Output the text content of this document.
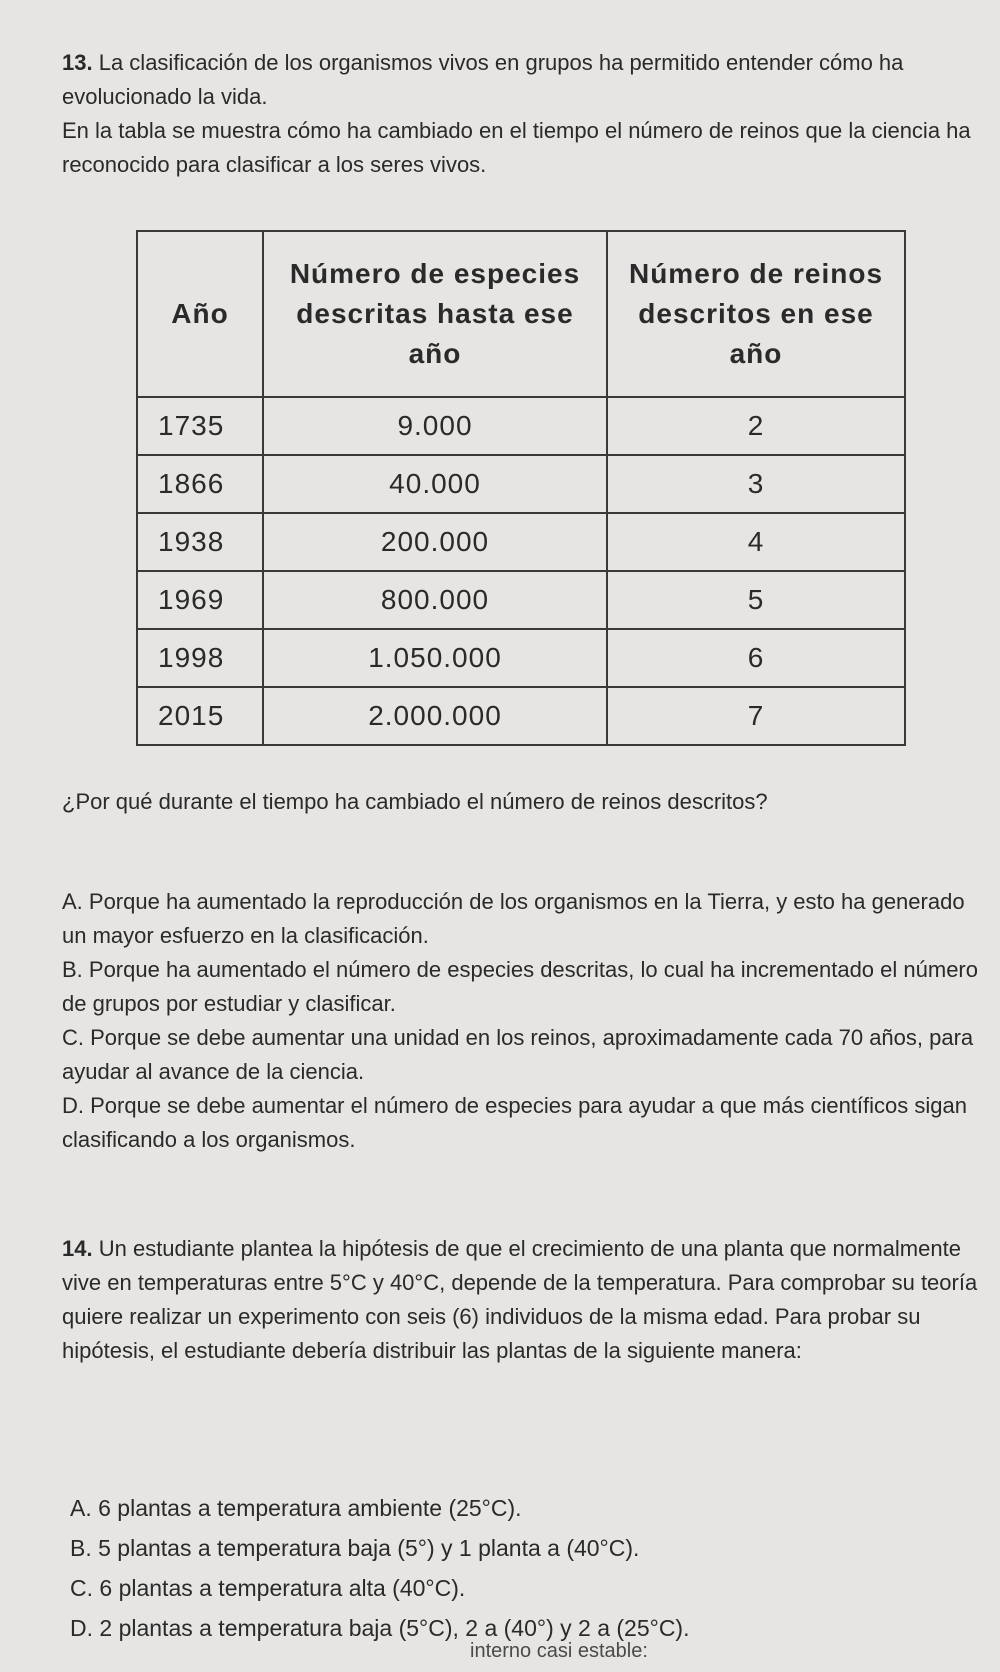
13. La clasificación de los organismos vivos en grupos ha permitido entender cómo ha evolucionado la vida.

En la tabla se muestra cómo ha cambiado en el tiempo el número de reinos que la ciencia ha reconocido para clasificar a los seres vivos.

Año	Número de especies descritas hasta ese año	Número de reinos descritos en ese año
1735	9.000	2
1866	40.000	3
1938	200.000	4
1969	800.000	5
1998	1.050.000	6
2015	2.000.000	7

¿Por qué durante el tiempo ha cambiado el número de reinos descritos?

A. Porque ha aumentado la reproducción de los organismos en la Tierra, y esto ha generado un mayor esfuerzo en la clasificación.

B. Porque ha aumentado el número de especies descritas, lo cual ha incrementado el número de grupos por estudiar y clasificar.

C. Porque se debe aumentar una unidad en los reinos, aproximadamente cada 70 años, para ayudar al avance de la ciencia.

D. Porque se debe aumentar el número de especies para ayudar a que más científicos sigan clasificando a los organismos.

14. Un estudiante plantea la hipótesis de que el crecimiento de una planta que normalmente vive en temperaturas entre 5°C y 40°C, depende de la temperatura. Para comprobar su teoría quiere realizar un experimento con seis (6) individuos de la misma edad. Para probar su hipótesis, el estudiante debería distribuir las plantas de la siguiente manera:

A. 6 plantas a temperatura ambiente (25°C).

B. 5 plantas a temperatura baja (5°) y 1 planta a (40°C).

C. 6 plantas a temperatura alta (40°C).

D. 2 plantas a temperatura baja (5°C), 2 a (40°) y 2 a (25°C).

interno casi estable:
